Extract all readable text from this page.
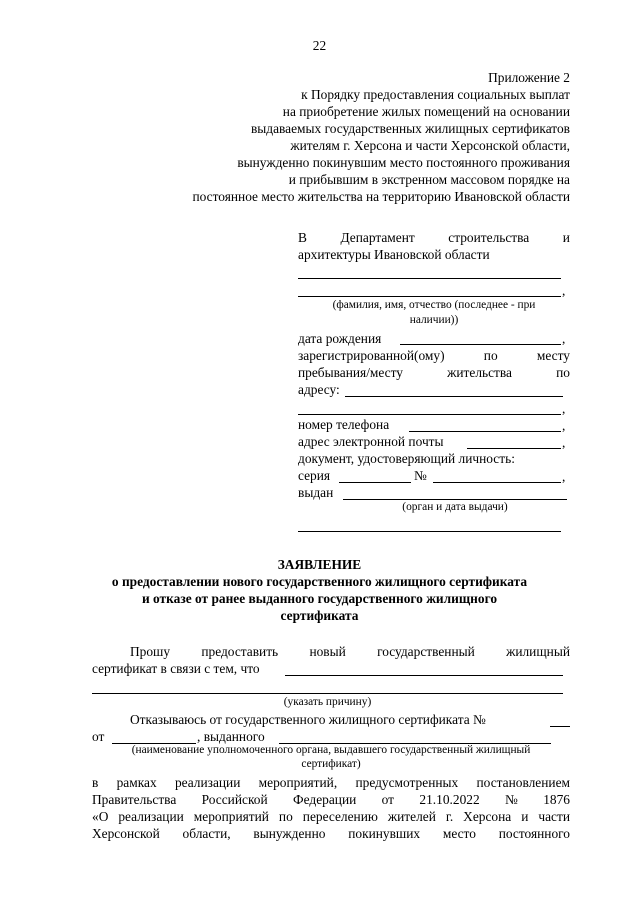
22
Приложение 2
к Порядку предоставления социальных выплат
на приобретение жилых помещений на основании
выдаваемых государственных жилищных сертификатов
жителям г. Херсона и части Херсонской области,
вынужденно покинувшим место постоянного проживания
и прибывшим в экстренном массовом порядке на
постоянное место жительства на территорию Ивановской области
В	Департамент	строительства	и
архитектуры Ивановской области
,
(фамилия, имя, отчество (последнее - при
наличии))
дата рождения	,
зарегистрированной(ому)	по	месту
пребывания/месту	жительства	по
адресу:
,
номер телефона	,
адрес электронной почты	,
документ, удостоверяющий личность:
серия	№	,
выдан
(орган и дата выдачи)
ЗАЯВЛЕНИЕ
о предоставлении нового государственного жилищного сертификата
и отказе от ранее выданного государственного жилищного
сертификата
Прошу предоставить новый государственный жилищный
сертификат в связи с тем, что
(указать причину)
Отказываюсь от государственного жилищного сертификата №
от	, выданного
(наименование уполномоченного органа, выдавшего государственный жилищный
сертификат)
в рамках реализации мероприятий, предусмотренных постановлением
Правительства Российской Федерации от 21.10.2022 № 1876
«О реализации мероприятий по переселению жителей г. Херсона и части
Херсонской области, вынужденно покинувших место постоянного
